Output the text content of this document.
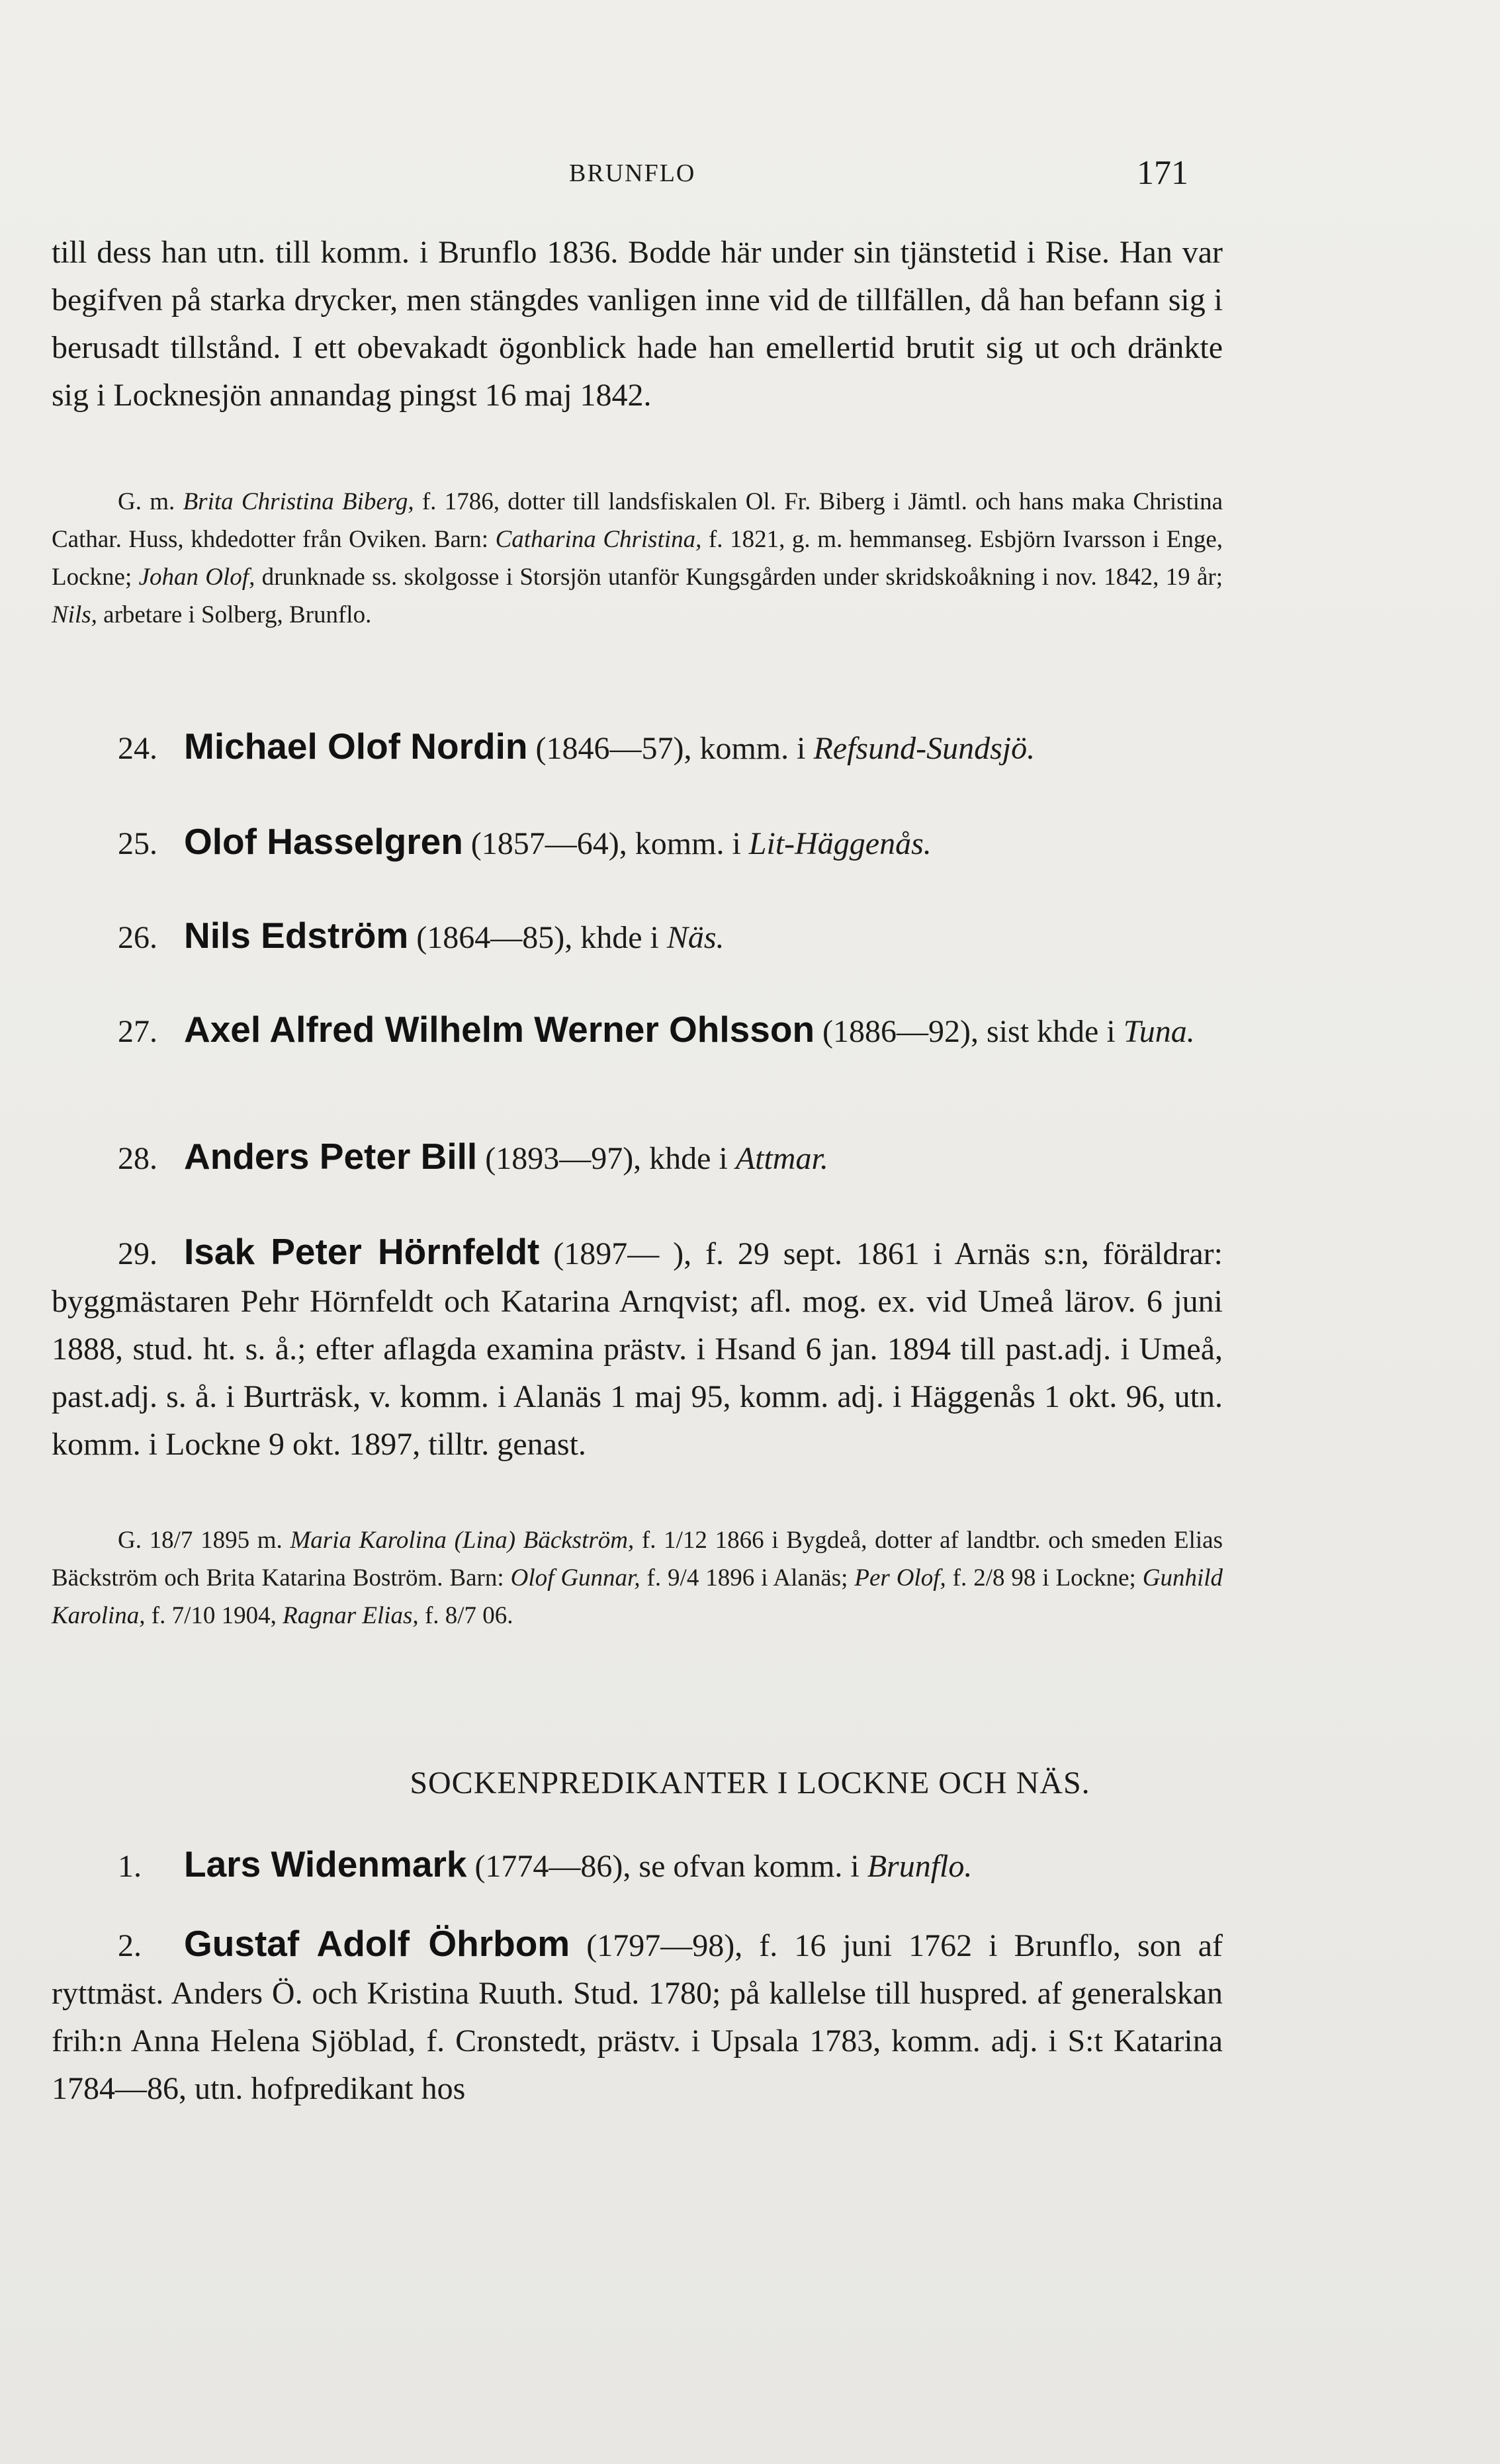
BRUNFLO	171

till dess han utn. till komm. i Brunflo 1836. Bodde här under sin tjänstetid i Rise. Han var begifven på starka drycker, men stängdes vanligen inne vid de tillfällen, då han befann sig i berusadt tillstånd. I ett obevakadt ögonblick hade han emellertid brutit sig ut och dränkte sig i Locknesjön annandag pingst 16 maj 1842.

G. m. Brita Christina Biberg, f. 1786, dotter till landsfiskalen Ol. Fr. Biberg i Jämtl. och hans maka Christina Cathar. Huss, khdedotter från Oviken. Barn: Catharina Christina, f. 1821, g. m. hemmanseg. Esbjörn Ivarsson i Enge, Lockne; Johan Olof, drunknade ss. skolgosse i Storsjön utanför Kungsgården under skridskoåkning i nov. 1842, 19 år; Nils, arbetare i Solberg, Brunflo.

24. Michael Olof Nordin (1846—57), komm. i Refsund-Sundsjö.

25. Olof Hasselgren (1857—64), komm. i Lit-Häggenås.

26. Nils Edström (1864—85), khde i Näs.

27. Axel Alfred Wilhelm Werner Ohlsson (1886—92), sist khde i Tuna.

28. Anders Peter Bill (1893—97), khde i Attmar.

29. Isak Peter Hörnfeldt (1897— ), f. 29 sept. 1861 i Arnäs s:n, föräldrar: byggmästaren Pehr Hörnfeldt och Katarina Arnqvist; afl. mog. ex. vid Umeå lärov. 6 juni 1888, stud. ht. s. å.; efter aflagda examina prästv. i Hsand 6 jan. 1894 till past.adj. i Umeå, past.adj. s. å. i Burträsk, v. komm. i Alanäs 1 maj 95, komm. adj. i Häggenås 1 okt. 96, utn. komm. i Lockne 9 okt. 1897, tilltr. genast.

G. 18/7 1895 m. Maria Karolina (Lina) Bäckström, f. 1/12 1866 i Bygdeå, dotter af landtbr. och smeden Elias Bäckström och Brita Katarina Boström. Barn: Olof Gunnar, f. 9/4 1896 i Alanäs; Per Olof, f. 2/8 98 i Lockne; Gunhild Karolina, f. 7/10 1904, Ragnar Elias, f. 8/7 06.

SOCKENPREDIKANTER I LOCKNE OCH NÄS.

1. Lars Widenmark (1774—86), se ofvan komm. i Brunflo.

2. Gustaf Adolf Öhrbom (1797—98), f. 16 juni 1762 i Brunflo, son af ryttmäst. Anders Ö. och Kristina Ruuth. Stud. 1780; på kallelse till huspred. af generalskan frih:n Anna Helena Sjöblad, f. Cronstedt, prästv. i Upsala 1783, komm. adj. i S:t Katarina 1784—86, utn. hofpredikant hos
